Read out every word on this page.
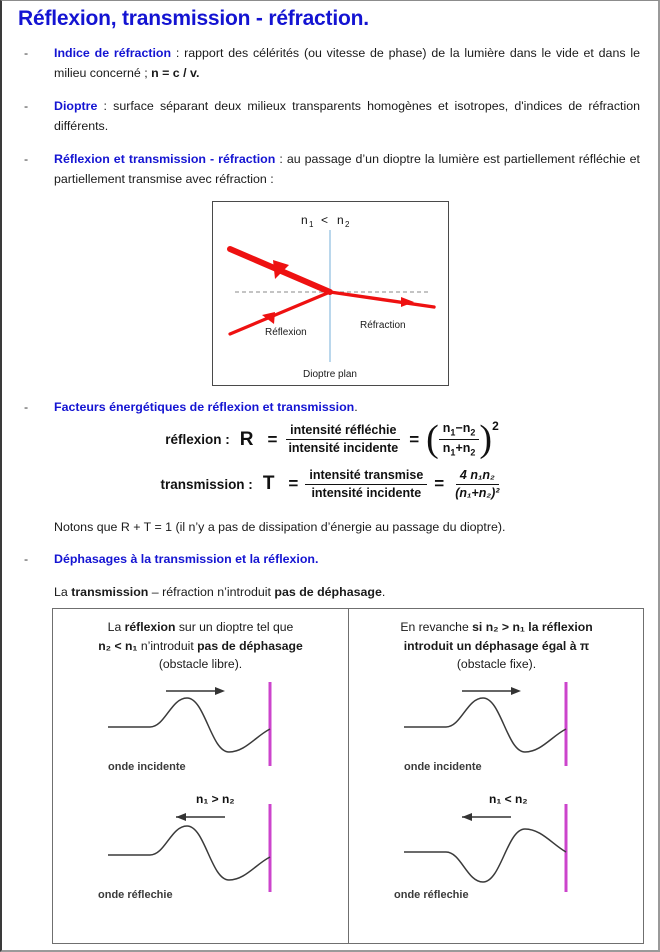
Réflexion, transmission - réfraction.
- Indice de réfraction : rapport des célérités (ou vitesse de phase) de la lumière dans le vide et dans le milieu concerné ; n = c / v.
- Dioptre : surface séparant deux milieux transparents homogènes et isotropes, d'indices de réfraction différents.
- Réflexion et transmission - réfraction : au passage d’un dioptre la lumière est partiellement réfléchie et partiellement transmise avec réfraction :
n 1 < n 2
Réflexion
Réfraction
Dioptre plan
- Facteurs énergétiques de réflexion et transmission.
réflexion : $R = \frac{\text{intensité réfléchie}}{\text{intensité incidente}}$ = ( $\frac{n_1-n_2}{n_1+n_2}$ ) 2
transmission : $T = \frac{\text{intensité transmise}}{\text{intensité incidente}} = \frac{\text{4 n₁n₂}}{\text{(n₁+n₂)²}}$
Notons que R + T = 1 (il n’y a pas de dissipation d’énergie au passage du dioptre).
- Déphasages à la transmission et la réflexion.
La transmission – réfraction n’introduit pas de déphasage.
La réflexion sur un dioptre tel que
n₂ < n₁ n’introduit pas de déphasage
(obstacle libre).
onde incidente
n₁ > n₂
onde réflechie
En revanche si n₂ > n₁ la réflexion
introduit un déphasage égal à π
(obstacle fixe).
onde incidente
n₁ < n₂
onde réflechie
